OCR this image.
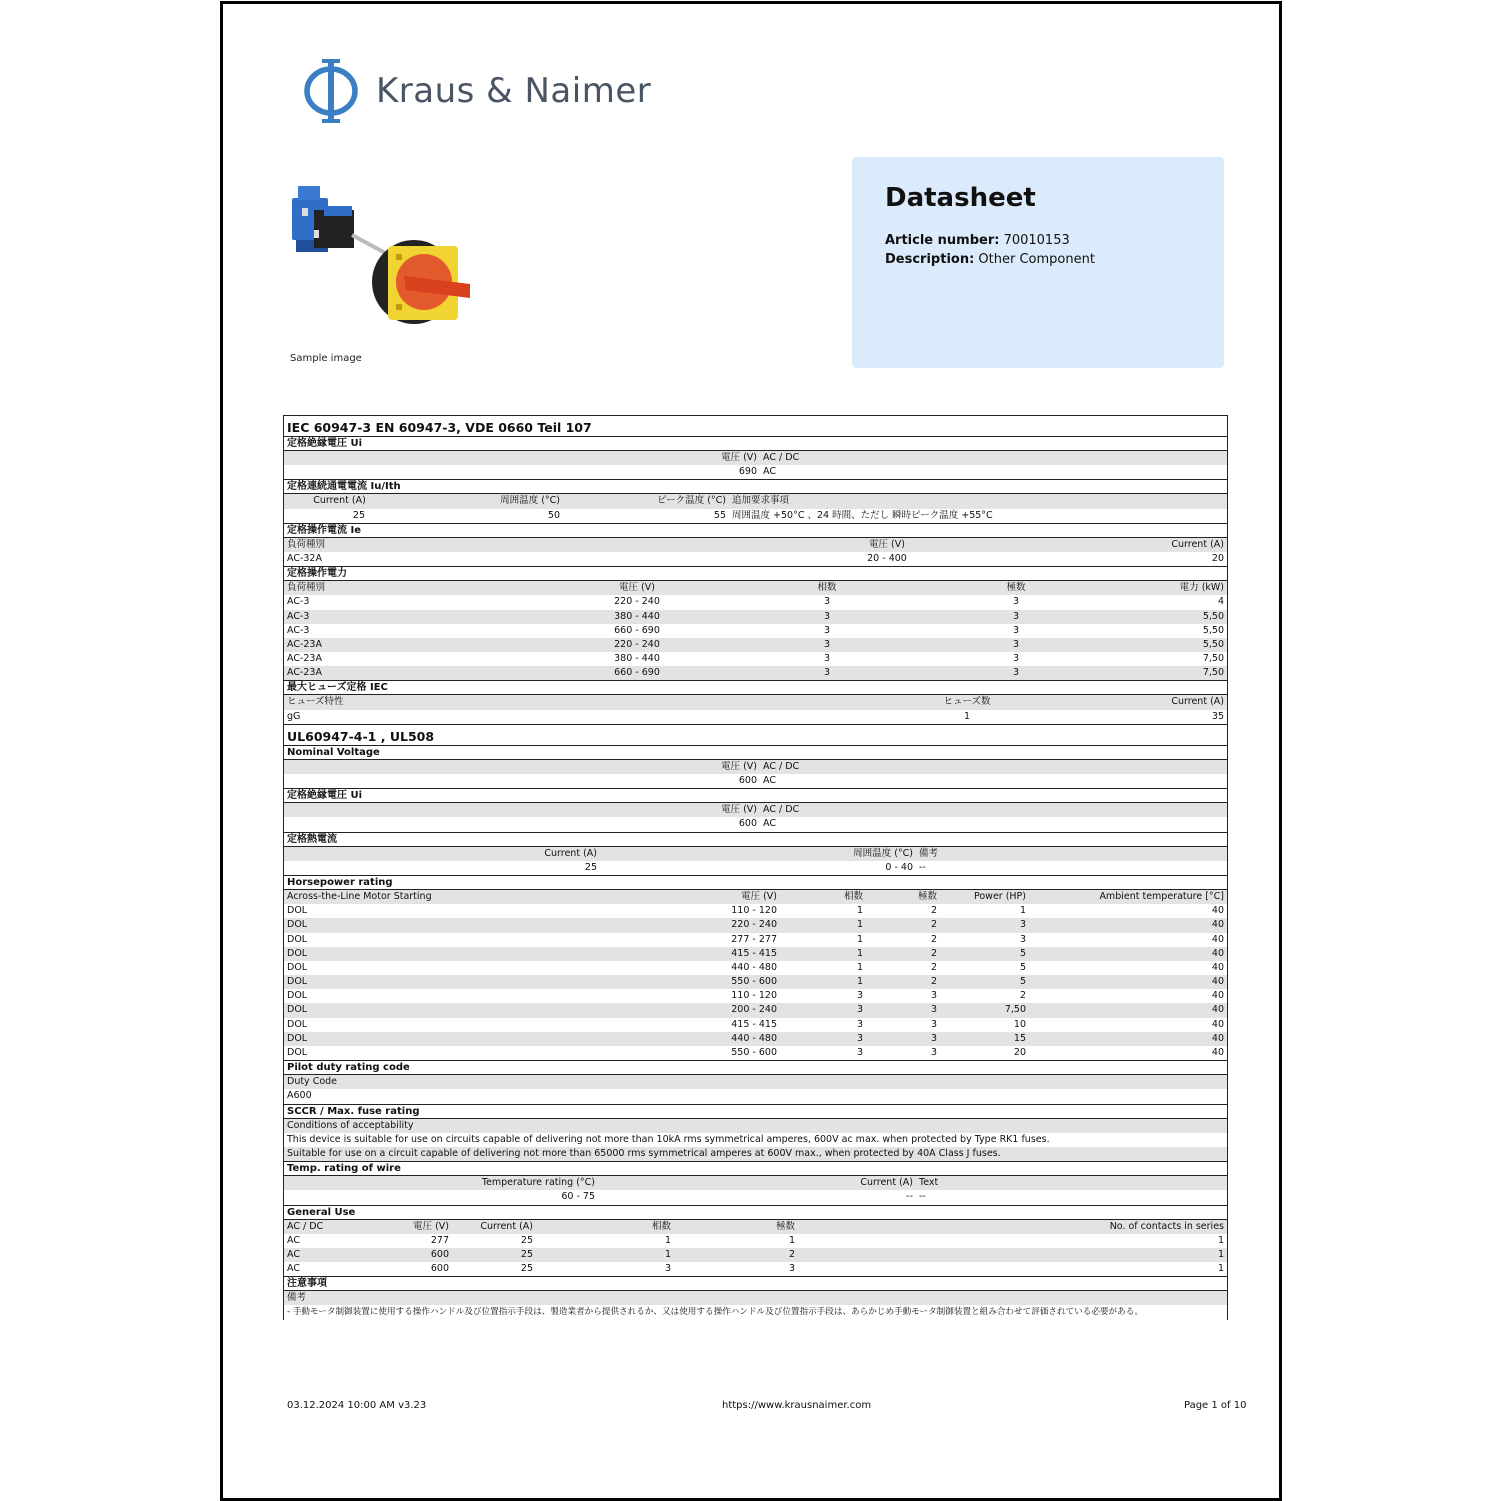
Kraus & Naimer
Sample image
Datasheet
Article number: 70010153
Description: Other Component
IEC 60947-3 EN 60947-3, VDE 0660 Teil 107
定格絶縁電圧 Ui
電圧 (V) AC / DC
690 AC
定格連続通電電流 Iu/Ith
Current (A)	周囲温度 (°C)	ピーク温度 (°C) 追加要求事項
25	50	55 周囲温度 +50°C 、24 時間、ただし 瞬時ピーク温度 +55°C
定格操作電流 Ie
負荷種別	電圧 (V)	Current (A)
AC-32A	20 - 400	20
定格操作電力
負荷種別	電圧 (V)	相数	極数	電力 (kW)
AC-3	220 - 240	3	3	4
AC-3	380 - 440	3	3	5,50
AC-3	660 - 690	3	3	5,50
AC-23A	220 - 240	3	3	5,50
AC-23A	380 - 440	3	3	7,50
AC-23A	660 - 690	3	3	7,50
最大ヒューズ定格 IEC
ヒューズ特性	ヒューズ数	Current (A)
gG	1	35
UL60947-4-1 , UL508
Nominal Voltage
電圧 (V) AC / DC
600 AC
定格絶縁電圧 Ui
電圧 (V) AC / DC
600 AC
定格熱電流
Current (A)	周囲温度 (°C) 備考
25	0 - 40 --
Horsepower rating
Across-the-Line Motor Starting	電圧 (V)	相数	極数	Power (HP)	Ambient temperature [°C]
DOL	110 - 120	1	2	1	40
DOL	220 - 240	1	2	3	40
DOL	277 - 277	1	2	3	40
DOL	415 - 415	1	2	5	40
DOL	440 - 480	1	2	5	40
DOL	550 - 600	1	2	5	40
DOL	110 - 120	3	3	2	40
DOL	200 - 240	3	3	7,50	40
DOL	415 - 415	3	3	10	40
DOL	440 - 480	3	3	15	40
DOL	550 - 600	3	3	20	40
Pilot duty rating code
Duty Code
A600
SCCR / Max. fuse rating
Conditions of acceptability
This device is suitable for use on circuits capable of delivering not more than 10kA rms symmetrical amperes, 600V ac max. when protected by Type RK1 fuses.
Suitable for use on a circuit capable of delivering not more than 65000 rms symmetrical amperes at 600V max., when protected by 40A Class J fuses.
Temp. rating of wire
Temperature rating (°C)	Current (A) Text
60 - 75	-- --
General Use
AC / DC	電圧 (V)	Current (A)	相数	極数	No. of contacts in series
AC	277	25	1	1	1
AC	600	25	1	2	1
AC	600	25	3	3	1
注意事項
備考
- 手動モータ制御装置に使用する操作ハンドル及び位置指示手段は、製造業者から提供されるか、又は使用する操作ハンドル及び位置指示手段は、あらかじめ手動モータ制御装置と組み合わせて評価されている必要がある。
03.12.2024 10:00 AM v3.23	https://www.krausnaimer.com	Page 1 of 10
